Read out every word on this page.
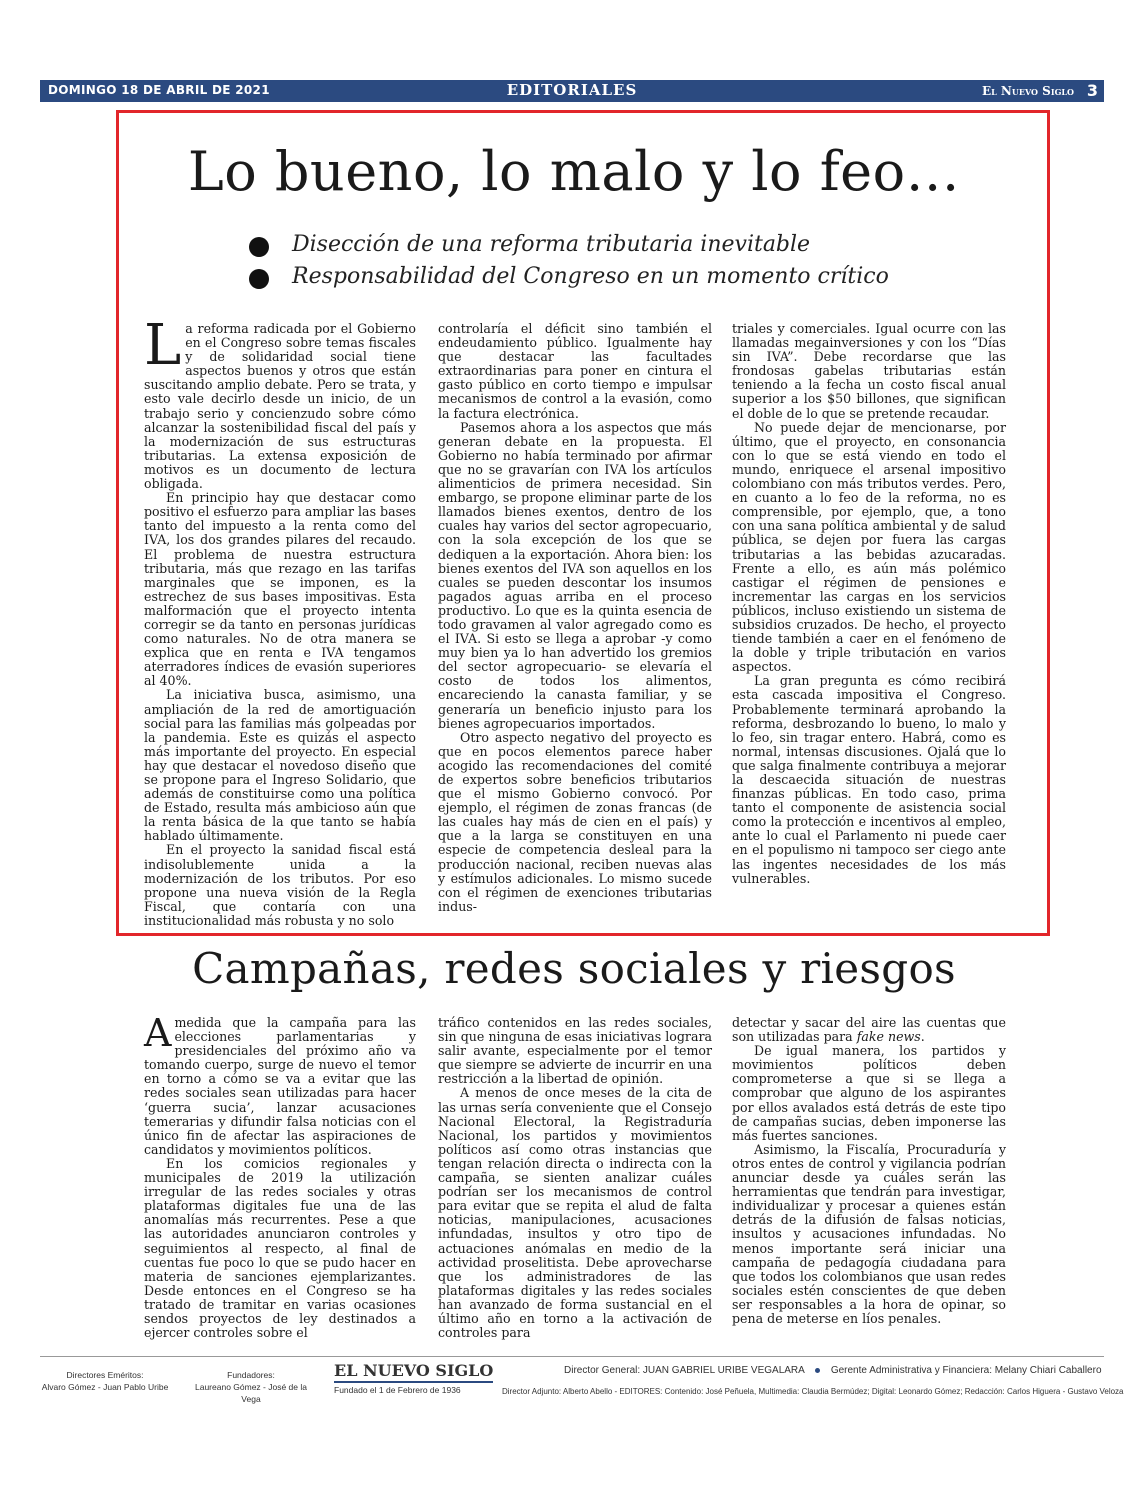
DOMINGO 18 DE ABRIL DE 2021	EDITORIALES	El Nuevo Siglo 3
Lo bueno, lo malo y lo feo…
Disección de una reforma tributaria inevitable
Responsabilidad del Congreso en un momento crítico

La reforma radicada por el Gobierno en el Congreso sobre temas fiscales y de solidaridad social tiene aspectos buenos y otros que están suscitando amplio debate. Pero se trata, y esto vale decirlo desde un inicio, de un trabajo serio y concienzudo sobre cómo alcanzar la sostenibilidad fiscal del país y la modernización de sus estructuras tributarias. La extensa exposición de motivos es un documento de lectura obligada.

En principio hay que destacar como positivo el esfuerzo para ampliar las bases tanto del impuesto a la renta como del IVA, los dos grandes pilares del recaudo. El problema de nuestra estructura tributaria, más que rezago en las tarifas marginales que se imponen, es la estrechez de sus bases impositivas. Esta malformación que el proyecto intenta corregir se da tanto en personas jurídicas como naturales. No de otra manera se explica que en renta e IVA tengamos aterradores índices de evasión superiores al 40%.

La iniciativa busca, asimismo, una ampliación de la red de amortiguación social para las familias más golpeadas por la pandemia. Este es quizás el aspecto más importante del proyecto. En especial hay que destacar el novedoso diseño que se propone para el Ingreso Solidario, que además de constituirse como una política de Estado, resulta más ambicioso aún que la renta básica de la que tanto se había hablado últimamente.

En el proyecto la sanidad fiscal está indisolublemente unida a la modernización de los tributos. Por eso propone una nueva visión de la Regla Fiscal, que contaría con una institucionalidad más robusta y no solo

controlaría el déficit sino también el endeudamiento público. Igualmente hay que destacar las facultades extraordinarias para poner en cintura el gasto público en corto tiempo e impulsar mecanismos de control a la evasión, como la factura electrónica.

Pasemos ahora a los aspectos que más generan debate en la propuesta. El Gobierno no había terminado por afirmar que no se gravarían con IVA los artículos alimenticios de primera necesidad. Sin embargo, se propone eliminar parte de los llamados bienes exentos, dentro de los cuales hay varios del sector agropecuario, con la sola excepción de los que se dediquen a la exportación. Ahora bien: los bienes exentos del IVA son aquellos en los cuales se pueden descontar los insumos pagados aguas arriba en el proceso productivo. Lo que es la quinta esencia de todo gravamen al valor agregado como es el IVA. Si esto se llega a aprobar -y como muy bien ya lo han advertido los gremios del sector agropecuario- se elevaría el costo de todos los alimentos, encareciendo la canasta familiar, y se generaría un beneficio injusto para los bienes agropecuarios importados.

Otro aspecto negativo del proyecto es que en pocos elementos parece haber acogido las recomendaciones del comité de expertos sobre beneficios tributarios que el mismo Gobierno convocó. Por ejemplo, el régimen de zonas francas (de las cuales hay más de cien en el país) y que a la larga se constituyen en una especie de competencia desleal para la producción nacional, reciben nuevas alas y estímulos adicionales. Lo mismo sucede con el régimen de exenciones tributarias indus-

triales y comerciales. Igual ocurre con las llamadas megainversiones y con los “Días sin IVA”. Debe recordarse que las frondosas gabelas tributarias están teniendo a la fecha un costo fiscal anual superior a los $50 billones, que significan el doble de lo que se pretende recaudar.

No puede dejar de mencionarse, por último, que el proyecto, en consonancia con lo que se está viendo en todo el mundo, enriquece el arsenal impositivo colombiano con más tributos verdes. Pero, en cuanto a lo feo de la reforma, no es comprensible, por ejemplo, que, a tono con una sana política ambiental y de salud pública, se dejen por fuera las cargas tributarias a las bebidas azucaradas. Frente a ello, es aún más polémico castigar el régimen de pensiones e incrementar las cargas en los servicios públicos, incluso existiendo un sistema de subsidios cruzados. De hecho, el proyecto tiende también a caer en el fenómeno de la doble y triple tributación en varios aspectos.

La gran pregunta es cómo recibirá esta cascada impositiva el Congreso. Probablemente terminará aprobando la reforma, desbrozando lo bueno, lo malo y lo feo, sin tragar entero. Habrá, como es normal, intensas discusiones. Ojalá que lo que salga finalmente contribuya a mejorar la descaecida situación de nuestras finanzas públicas. En todo caso, prima tanto el componente de asistencia social como la protección e incentivos al empleo, ante lo cual el Parlamento ni puede caer en el populismo ni tampoco ser ciego ante las ingentes necesidades de los más vulnerables.

Campañas, redes sociales y riesgos

Amedida que la campaña para las elecciones parlamentarias y presidenciales del próximo año va tomando cuerpo, surge de nuevo el temor en torno a cómo se va a evitar que las redes sociales sean utilizadas para hacer ‘guerra sucia’, lanzar acusaciones temerarias y difundir falsa noticias con el único fin de afectar las aspiraciones de candidatos y movimientos políticos.

En los comicios regionales y municipales de 2019 la utilización irregular de las redes sociales y otras plataformas digitales fue una de las anomalías más recurrentes. Pese a que las autoridades anunciaron controles y seguimientos al respecto, al final de cuentas fue poco lo que se pudo hacer en materia de sanciones ejemplarizantes. Desde entonces en el Congreso se ha tratado de tramitar en varias ocasiones sendos proyectos de ley destinados a ejercer controles sobre el

tráfico contenidos en las redes sociales, sin que ninguna de esas iniciativas lograra salir avante, especialmente por el temor que siempre se advierte de incurrir en una restricción a la libertad de opinión.

A menos de once meses de la cita de las urnas sería conveniente que el Consejo Nacional Electoral, la Registraduría Nacional, los partidos y movimientos políticos así como otras instancias que tengan relación directa o indirecta con la campaña, se sienten analizar cuáles podrían ser los mecanismos de control para evitar que se repita el alud de falta noticias, manipulaciones, acusaciones infundadas, insultos y otro tipo de actuaciones anómalas en medio de la actividad proselitista. Debe aprovecharse que los administradores de las plataformas digitales y las redes sociales han avanzado de forma sustancial en el último año en torno a la activación de controles para

detectar y sacar del aire las cuentas que son utilizadas para fake news.

De igual manera, los partidos y movimientos políticos deben comprometerse a que si se llega a comprobar que alguno de los aspirantes por ellos avalados está detrás de este tipo de campañas sucias, deben imponerse las más fuertes sanciones.

Asimismo, la Fiscalía, Procuraduría y otros entes de control y vigilancia podrían anunciar desde ya cuáles serán las herramientas que tendrán para investigar, individualizar y procesar a quienes están detrás de la difusión de falsas noticias, insultos y acusaciones infundadas. No menos importante será iniciar una campaña de pedagogía ciudadana para que todos los colombianos que usan redes sociales estén conscientes de que deben ser responsables a la hora de opinar, so pena de meterse en líos penales.

Directores Eméritos:
Alvaro Gómez - Juan Pablo Uribe
Fundadores:
Laureano Gómez - José de la Vega
EL NUEVO SIGLO
Fundado el 1 de Febrero de 1936
Director General: JUAN GABRIEL URIBE VEGALARA	Gerente Administrativa y Financiera: Melany Chiari Caballero
Director Adjunto: Alberto Abello - EDITORES: Contenido: José Peñuela, Multimedia: Claudia Bermúdez; Digital: Leonardo Gómez; Redacción: Carlos Higuera - Gustavo Veloza
